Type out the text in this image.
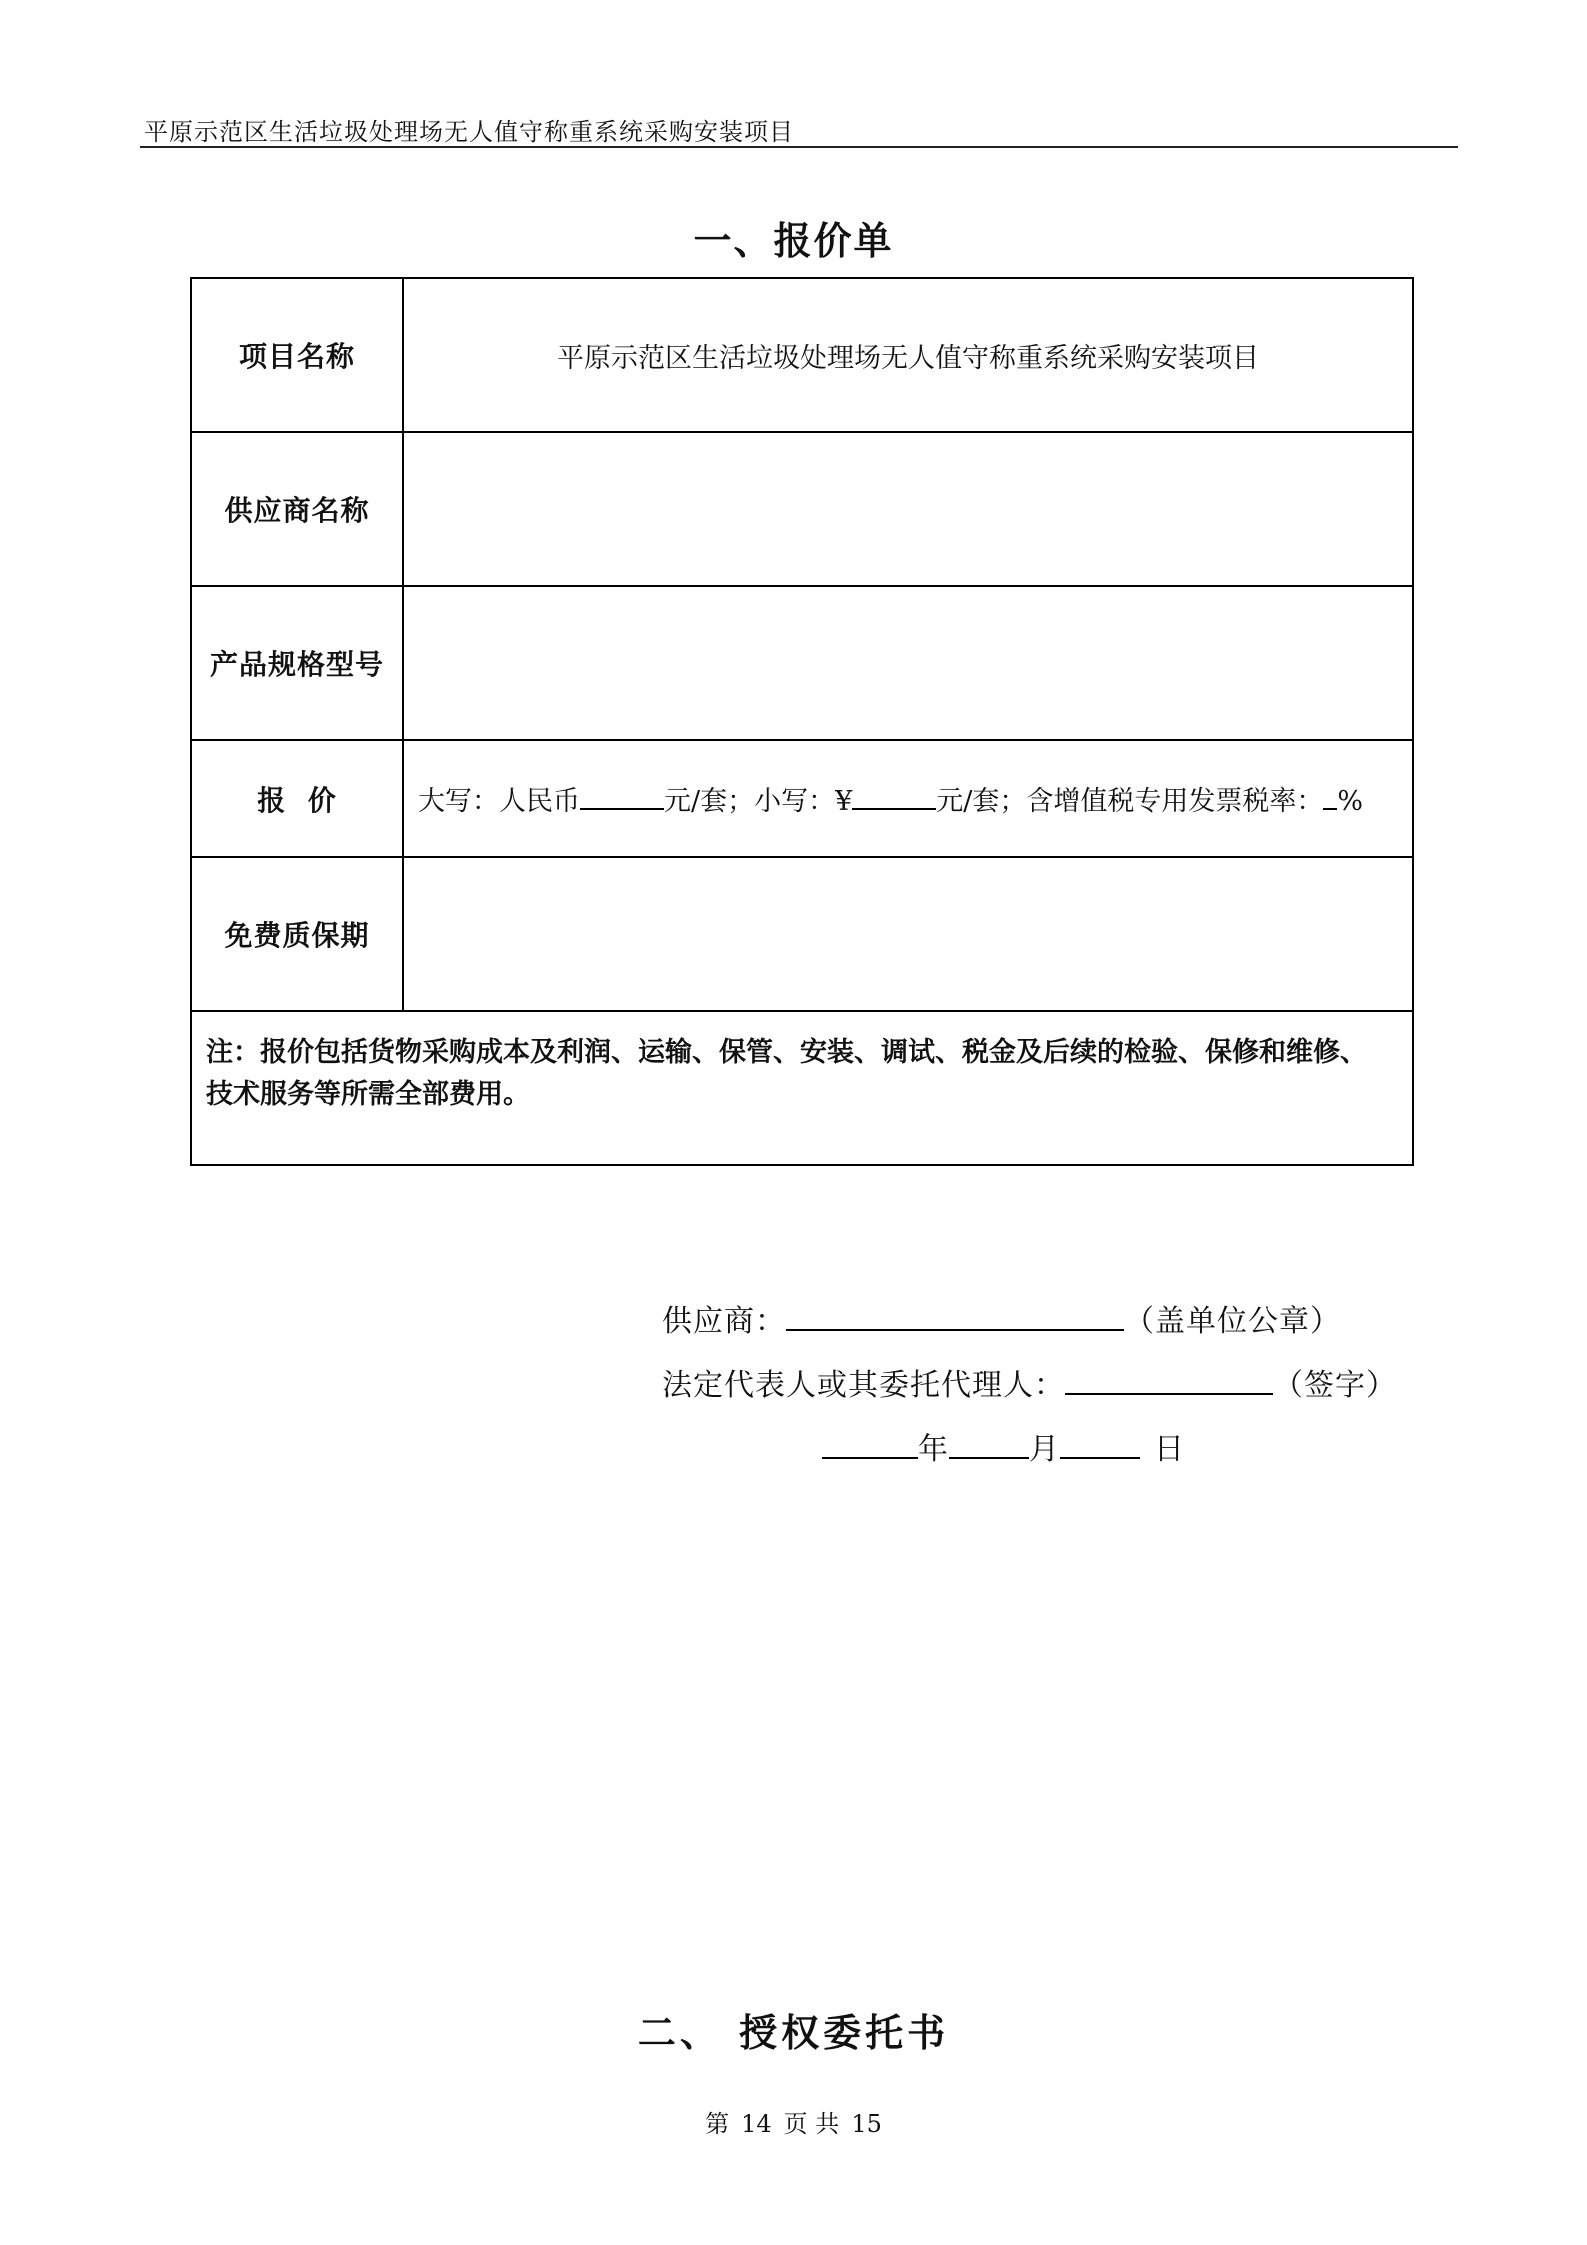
平原示范区生活垃圾处理场无人值守称重系统采购安装项目
一、报价单
项目名称	平原示范区生活垃圾处理场无人值守称重系统采购安装项目
供应商名称	
产品规格型号	
报  价	大写：人民币 元/套；小写：¥ 元/套；含增值税专用发票税率： %
免费质保期	

注：报价包括货物采购成本及利润、运输、保管、安装、调试、税金及后续的检验、保修和维修、
技术服务等所需全部费用。	
供应商：	（盖单位公章）
法定代表人或其委托代理人：	（签字）
年	月	日
二、 授权委托书
第 14 页 共 15
